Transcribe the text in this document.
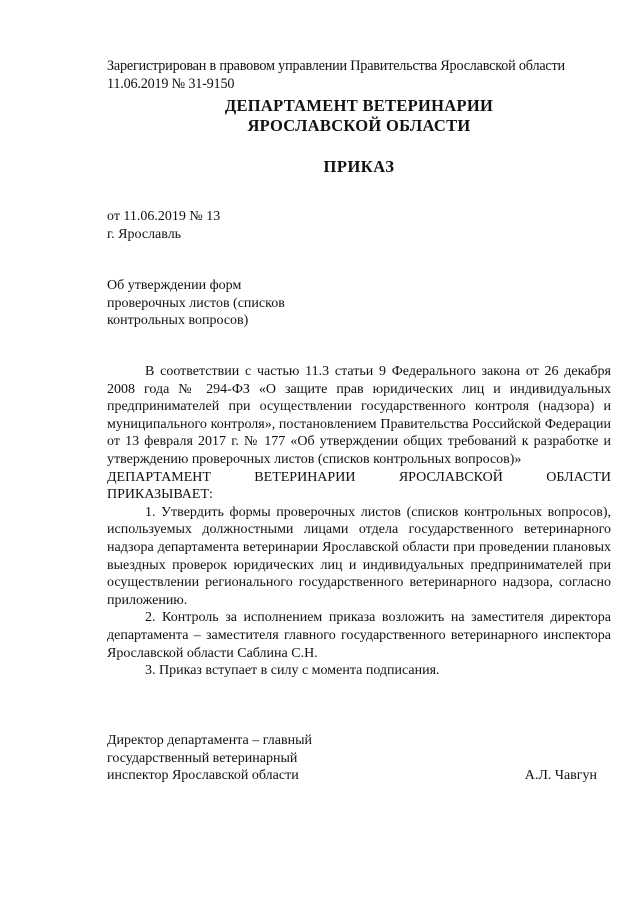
Зарегистрирован в правовом управлении Правительства Ярославской области

11.06.2019 № 31-9150

ДЕПАРТАМЕНТ ВЕТЕРИНАРИИ

ЯРОСЛАВСКОЙ ОБЛАСТИ

ПРИКАЗ

от 11.06.2019 № 13

г. Ярославль

Об утверждении форм

проверочных листов (списков

контрольных вопросов)

В соответствии с частью 11.3 статьи 9 Федерального закона от 26 декабря 2008 года № 294-ФЗ «О защите прав юридических лиц и индивидуальных предпринимателей при осуществлении государственного контроля (надзора) и муниципального контроля», постановлением Правительства Российской Федерации от 13 февраля 2017 г. № 177 «Об утверждении общих требований к разработке и утверждению проверочных листов (списков контрольных вопросов)»

ДЕПАРТАМЕНТ ВЕТЕРИНАРИИ ЯРОСЛАВСКОЙ ОБЛАСТИ

ПРИКАЗЫВАЕТ:

1. Утвердить формы проверочных листов (списков контрольных вопросов), используемых должностными лицами отдела государственного ветеринарного надзора департамента ветеринарии Ярославской области при проведении плановых выездных проверок юридических лиц и индивидуальных предпринимателей при осуществлении регионального государственного ветеринарного надзора, согласно приложению.

2. Контроль за исполнением приказа возложить на заместителя директора департамента – заместителя главного государственного ветеринарного инспектора Ярославской области Саблина С.Н.

3. Приказ вступает в силу с момента подписания.

Директор департамента – главный

государственный ветеринарный

инспектор Ярославской области	А.Л. Чавгун
